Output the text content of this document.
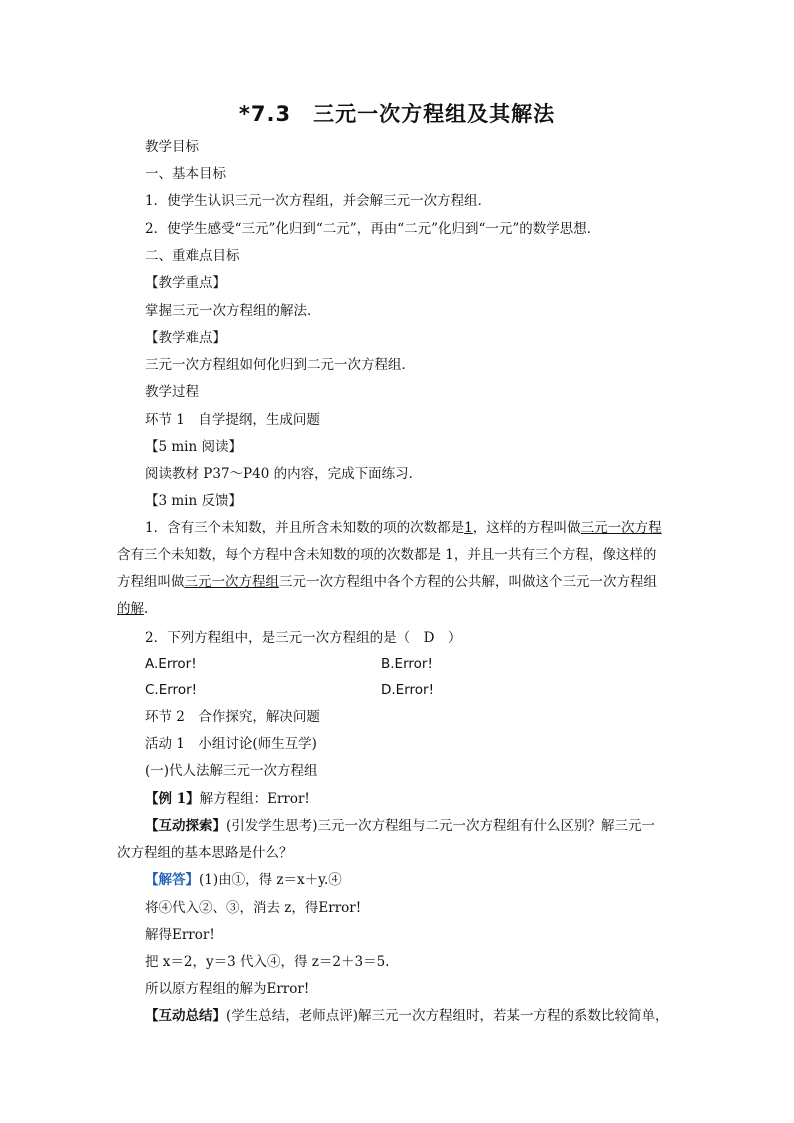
*7.3　三元一次方程组及其解法
教学目标
一、基本目标
1．使学生认识三元一次方程组，并会解三元一次方程组．
2．使学生感受“三元”化归到“二元”，再由“二元”化归到“一元”的数学思想．
二、重难点目标
【教学重点】
掌握三元一次方程组的解法．
【教学难点】
三元一次方程组如何化归到二元一次方程组．
教学过程
环节 1　自学提纲，生成问题
【5 min 阅读】
阅读教材 P37～P40 的内容，完成下面练习．
【3 min 反馈】
1．含有三个未知数，并且所含未知数的项的次数都是1，这样的方程叫做三元一次方程
含有三个未知数，每个方程中含未知数的项的次数都是 1，并且一共有三个方程，像这样的
方程组叫做三元一次方程组三元一次方程组中各个方程的公共解，叫做这个三元一次方程组
的解.
2．下列方程组中，是三元一次方程组的是（　D　）
A.Error!	B.Error!
C.Error!	D.Error!
环节 2　合作探究，解决问题
活动 1　小组讨论(师生互学)
(一)代人法解三元一次方程组
【例 1】解方程组：Error!
【互动探索】(引发学生思考)三元一次方程组与二元一次方程组有什么区别？解三元一
次方程组的基本思路是什么？
【解答】(1)由①，得 z＝x＋y.④
将④代入②、③，消去 z，得Error!
解得Error!
把 x＝2，y＝3 代入④，得 z＝2＋3＝5.
所以原方程组的解为Error!
【互动总结】(学生总结，老师点评)解三元一次方程组时，若某一方程的系数比较简单，
